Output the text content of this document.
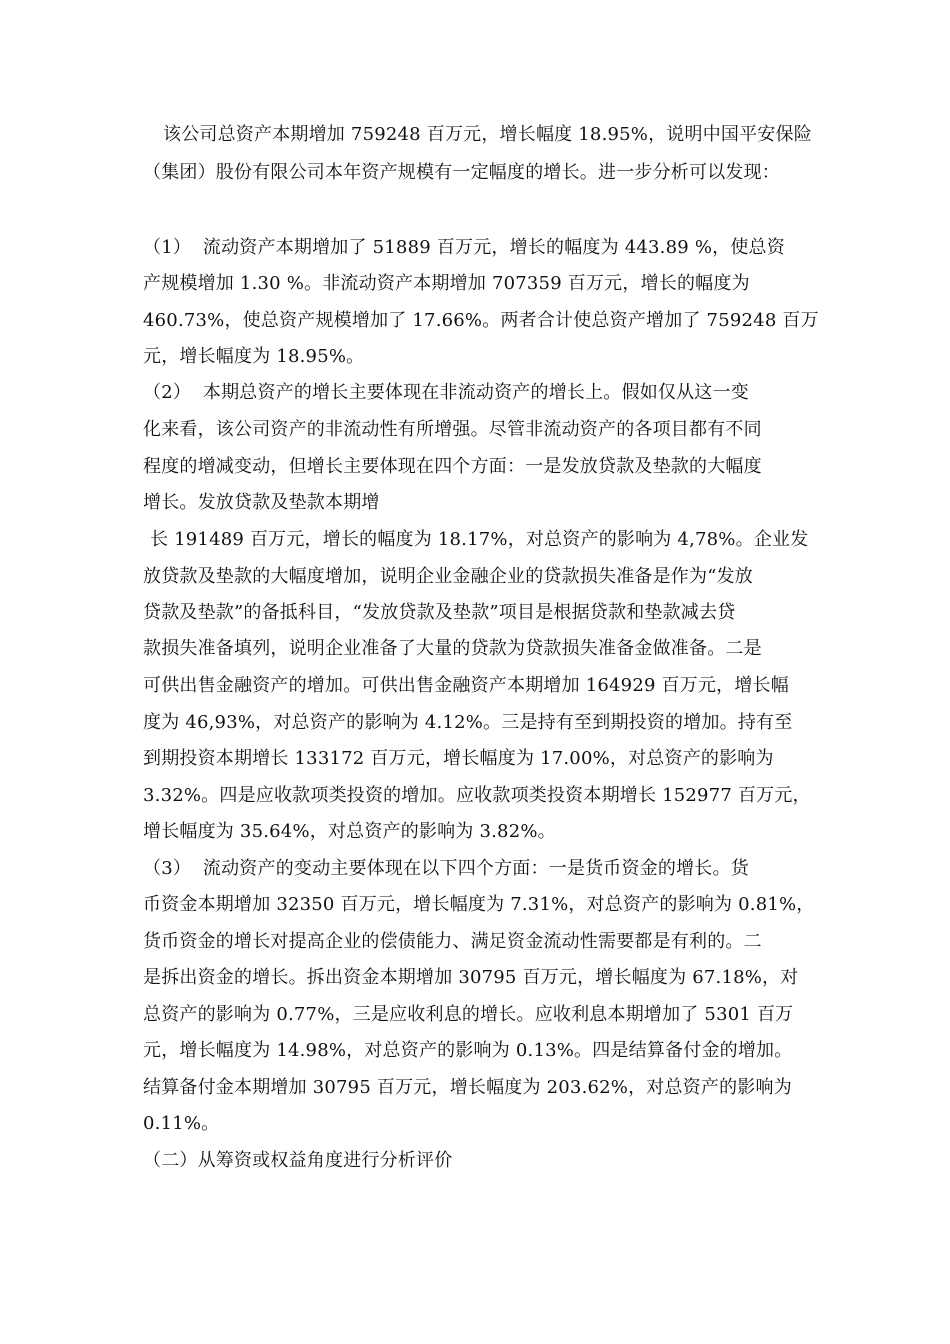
该公司总资产本期增加 759248 百万元，增长幅度 18.95%，说明中国平安保险
（集团）股份有限公司本年资产规模有一定幅度的增长。进一步分析可以发现：
（1）  流动资产本期增加了 51889 百万元，增长的幅度为 443.89 %，使总资
产规模增加 1.30 %。非流动资产本期增加 707359 百万元，增长的幅度为
460.73%，使总资产规模增加了 17.66%。两者合计使总资产增加了 759248 百万
元，增长幅度为 18.95%。
（2）  本期总资产的增长主要体现在非流动资产的增长上。假如仅从这一变
化来看，该公司资产的非流动性有所增强。尽管非流动资产的各项目都有不同
程度的增减变动，但增长主要体现在四个方面：一是发放贷款及垫款的大幅度
增长。发放贷款及垫款本期增
长 191489 百万元，增长的幅度为 18.17%，对总资产的影响为 4,78%。企业发
放贷款及垫款的大幅度增加，说明企业金融企业的贷款损失准备是作为“发放
贷款及垫款”的备抵科目，“发放贷款及垫款”项目是根据贷款和垫款减去贷
款损失准备填列，说明企业准备了大量的贷款为贷款损失准备金做准备。二是
可供出售金融资产的增加。可供出售金融资产本期增加 164929 百万元，增长幅
度为 46,93%，对总资产的影响为 4.12%。三是持有至到期投资的增加。持有至
到期投资本期增长 133172 百万元，增长幅度为 17.00%，对总资产的影响为
3.32%。四是应收款项类投资的增加。应收款项类投资本期增长 152977 百万元，
增长幅度为 35.64%，对总资产的影响为 3.82%。
（3）  流动资产的变动主要体现在以下四个方面：一是货币资金的增长。货
币资金本期增加 32350 百万元，增长幅度为 7.31%，对总资产的影响为 0.81%，
货币资金的增长对提高企业的偿债能力、满足资金流动性需要都是有利的。二
是拆出资金的增长。拆出资金本期增加 30795 百万元，增长幅度为 67.18%，对
总资产的影响为 0.77%，三是应收利息的增长。应收利息本期增加了 5301 百万
元，增长幅度为 14.98%，对总资产的影响为 0.13%。四是结算备付金的增加。
结算备付金本期增加 30795 百万元，增长幅度为 203.62%，对总资产的影响为
0.11%。
（二）从筹资或权益角度进行分析评价
